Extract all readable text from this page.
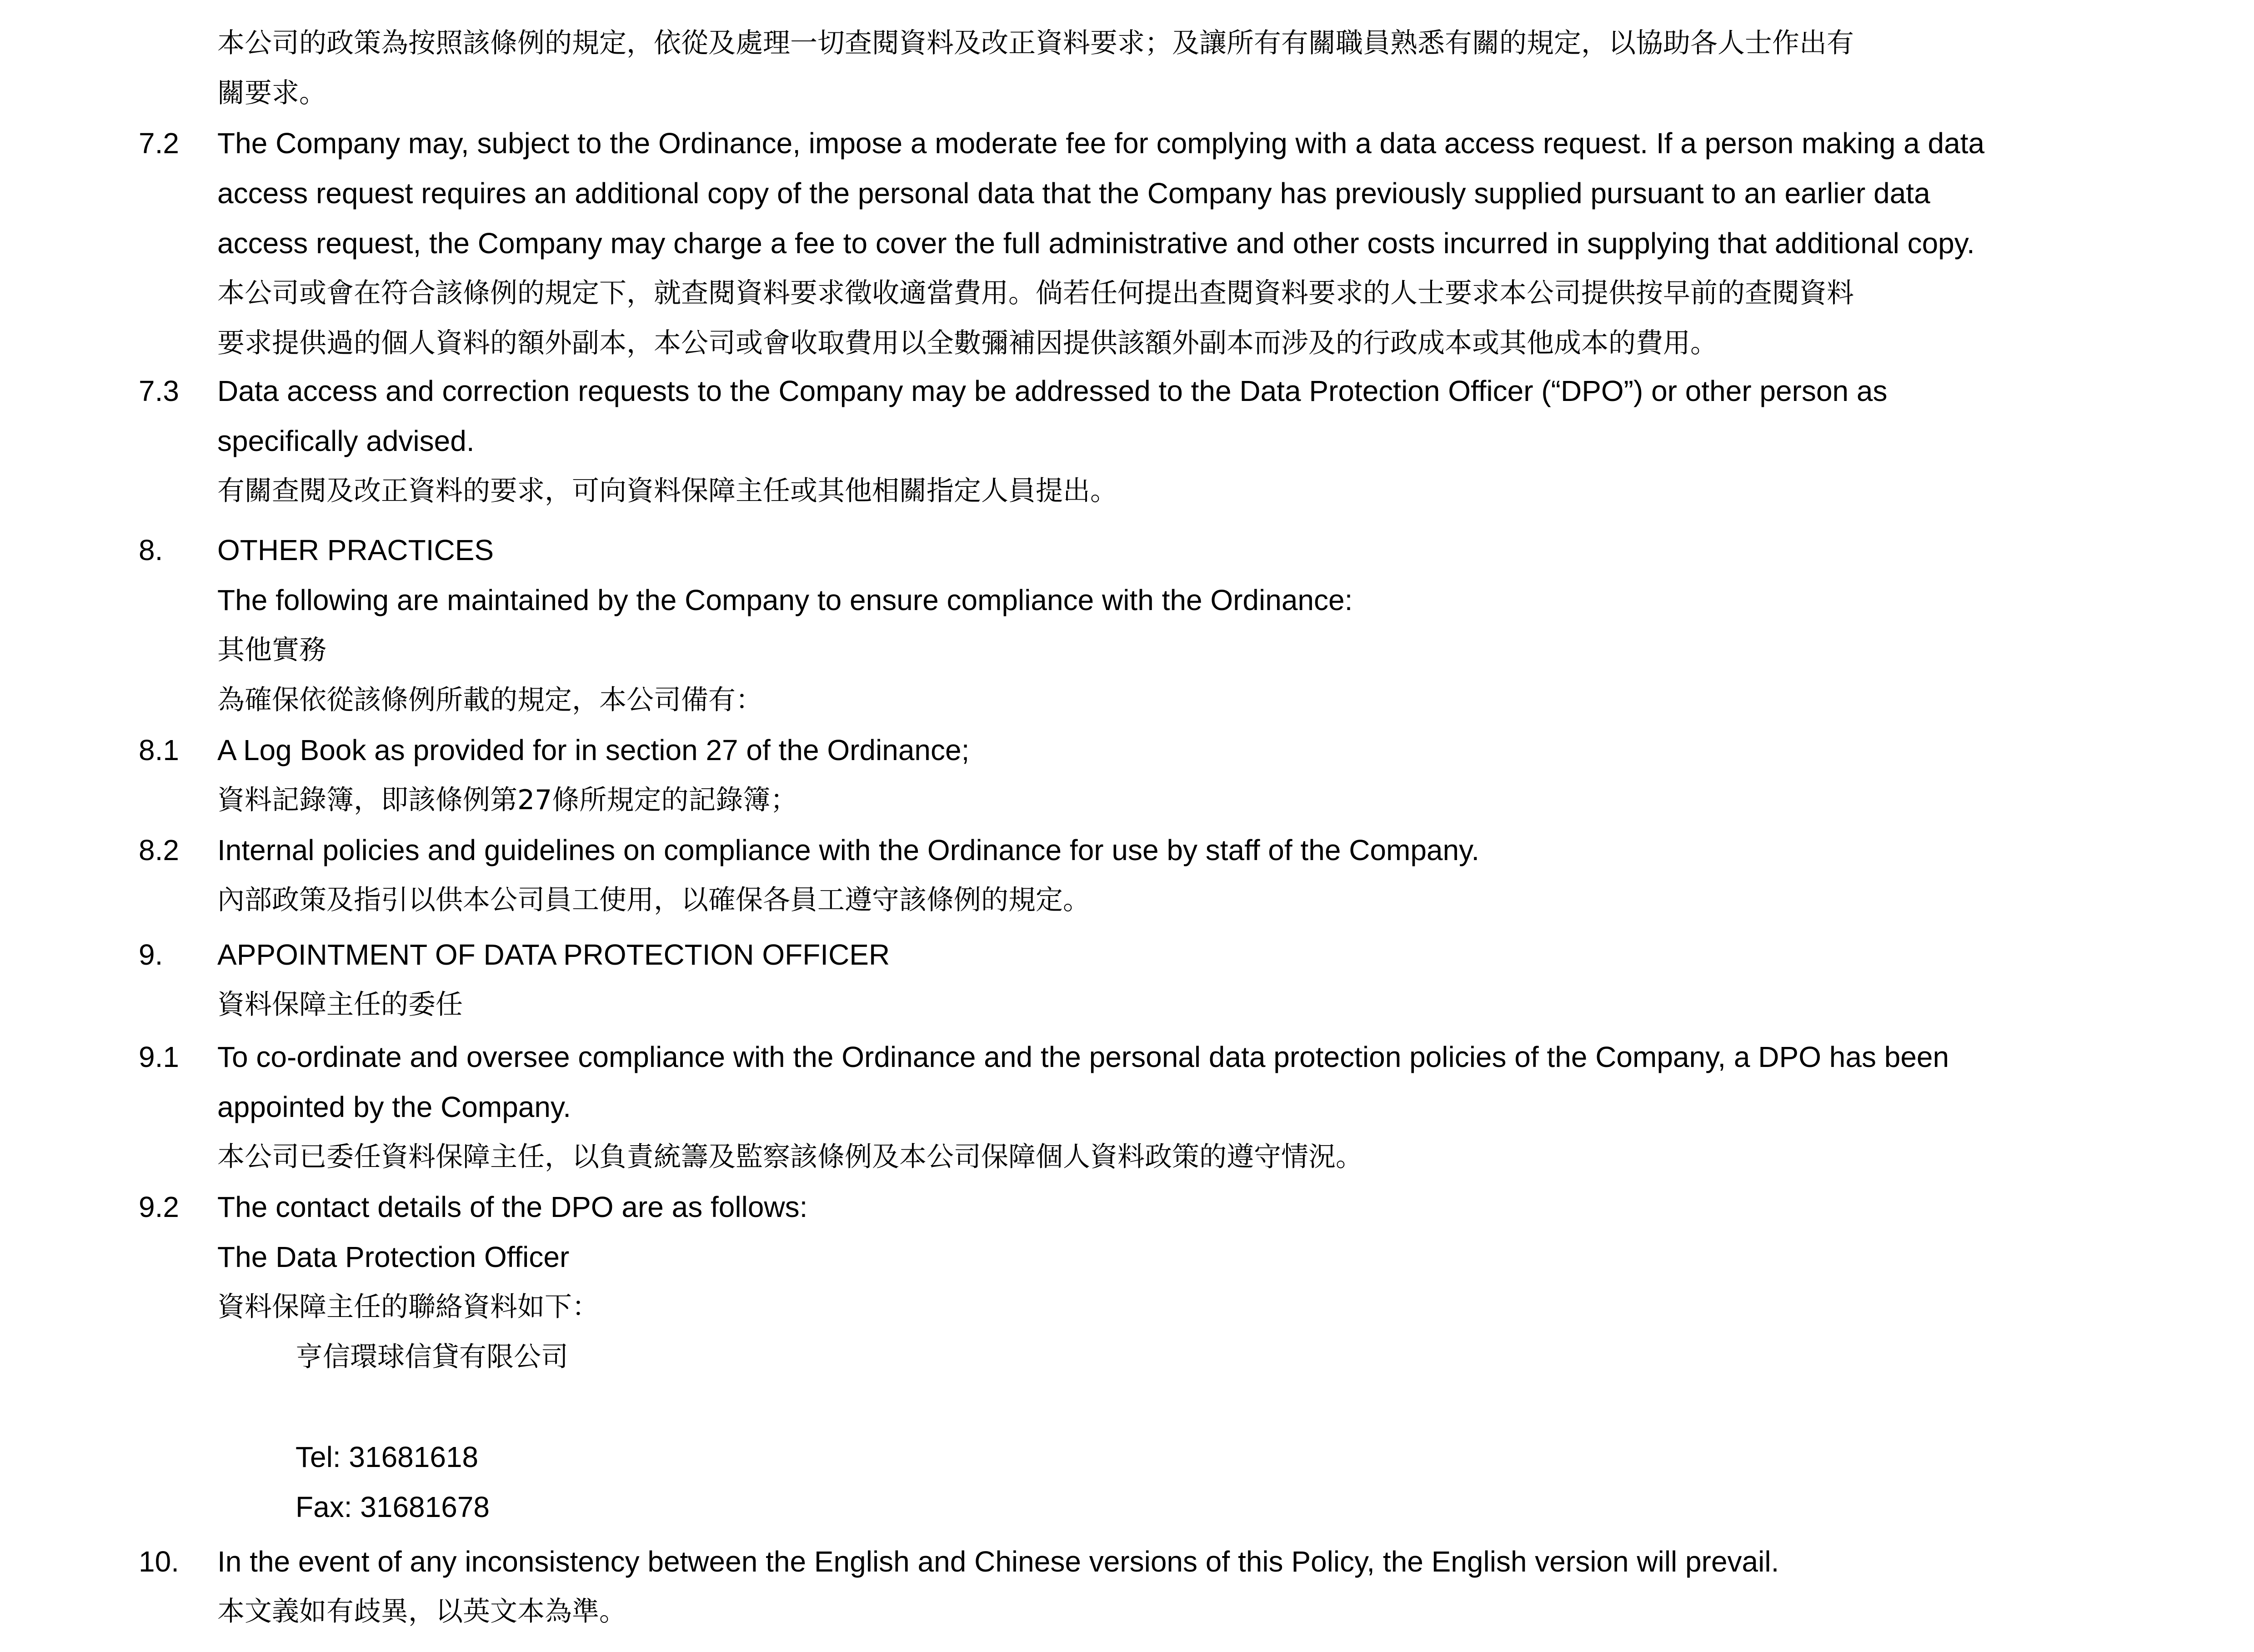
本公司的政策為按照該條例的規定，依從及處理一切查閱資料及改正資料要求；及讓所有有關職員熟悉有關的規定，以協助各人士作出有
關要求。
7.2	The Company may, subject to the Ordinance, impose a moderate fee for complying with a data access request. If a person making a data
access request requires an additional copy of the personal data that the Company has previously supplied pursuant to an earlier data
access request, the Company may charge a fee to cover the full administrative and other costs incurred in supplying that additional copy.
本公司或會在符合該條例的規定下，就查閱資料要求徵收適當費用。倘若任何提出查閱資料要求的人士要求本公司提供按早前的查閱資料
要求提供過的個人資料的額外副本，本公司或會收取費用以全數彌補因提供該額外副本而涉及的行政成本或其他成本的費用。
7.3	Data access and correction requests to the Company may be addressed to the Data Protection Officer (“DPO”) or other person as
specifically advised.
有關查閱及改正資料的要求，可向資料保障主任或其他相關指定人員提出。
8.	OTHER PRACTICES
The following are maintained by the Company to ensure compliance with the Ordinance:
其他實務
為確保依從該條例所載的規定，本公司備有：
8.1	A Log Book as provided for in section 27 of the Ordinance;
資料記錄簿，即該條例第27條所規定的記錄簿；
8.2	Internal policies and guidelines on compliance with the Ordinance for use by staff of the Company.
內部政策及指引以供本公司員工使用，以確保各員工遵守該條例的規定。
9.	APPOINTMENT OF DATA PROTECTION OFFICER
資料保障主任的委任
9.1	To co-ordinate and oversee compliance with the Ordinance and the personal data protection policies of the Company, a DPO has been
appointed by the Company.
本公司已委任資料保障主任，以負責統籌及監察該條例及本公司保障個人資料政策的遵守情況。
9.2	The contact details of the DPO are as follows:
The Data Protection Officer
資料保障主任的聯絡資料如下：
亨信環球信貸有限公司
Tel: 31681618
Fax: 31681678
10.	In the event of any inconsistency between the English and Chinese versions of this Policy, the English version will prevail.
本文義如有歧異，以英文本為準。
